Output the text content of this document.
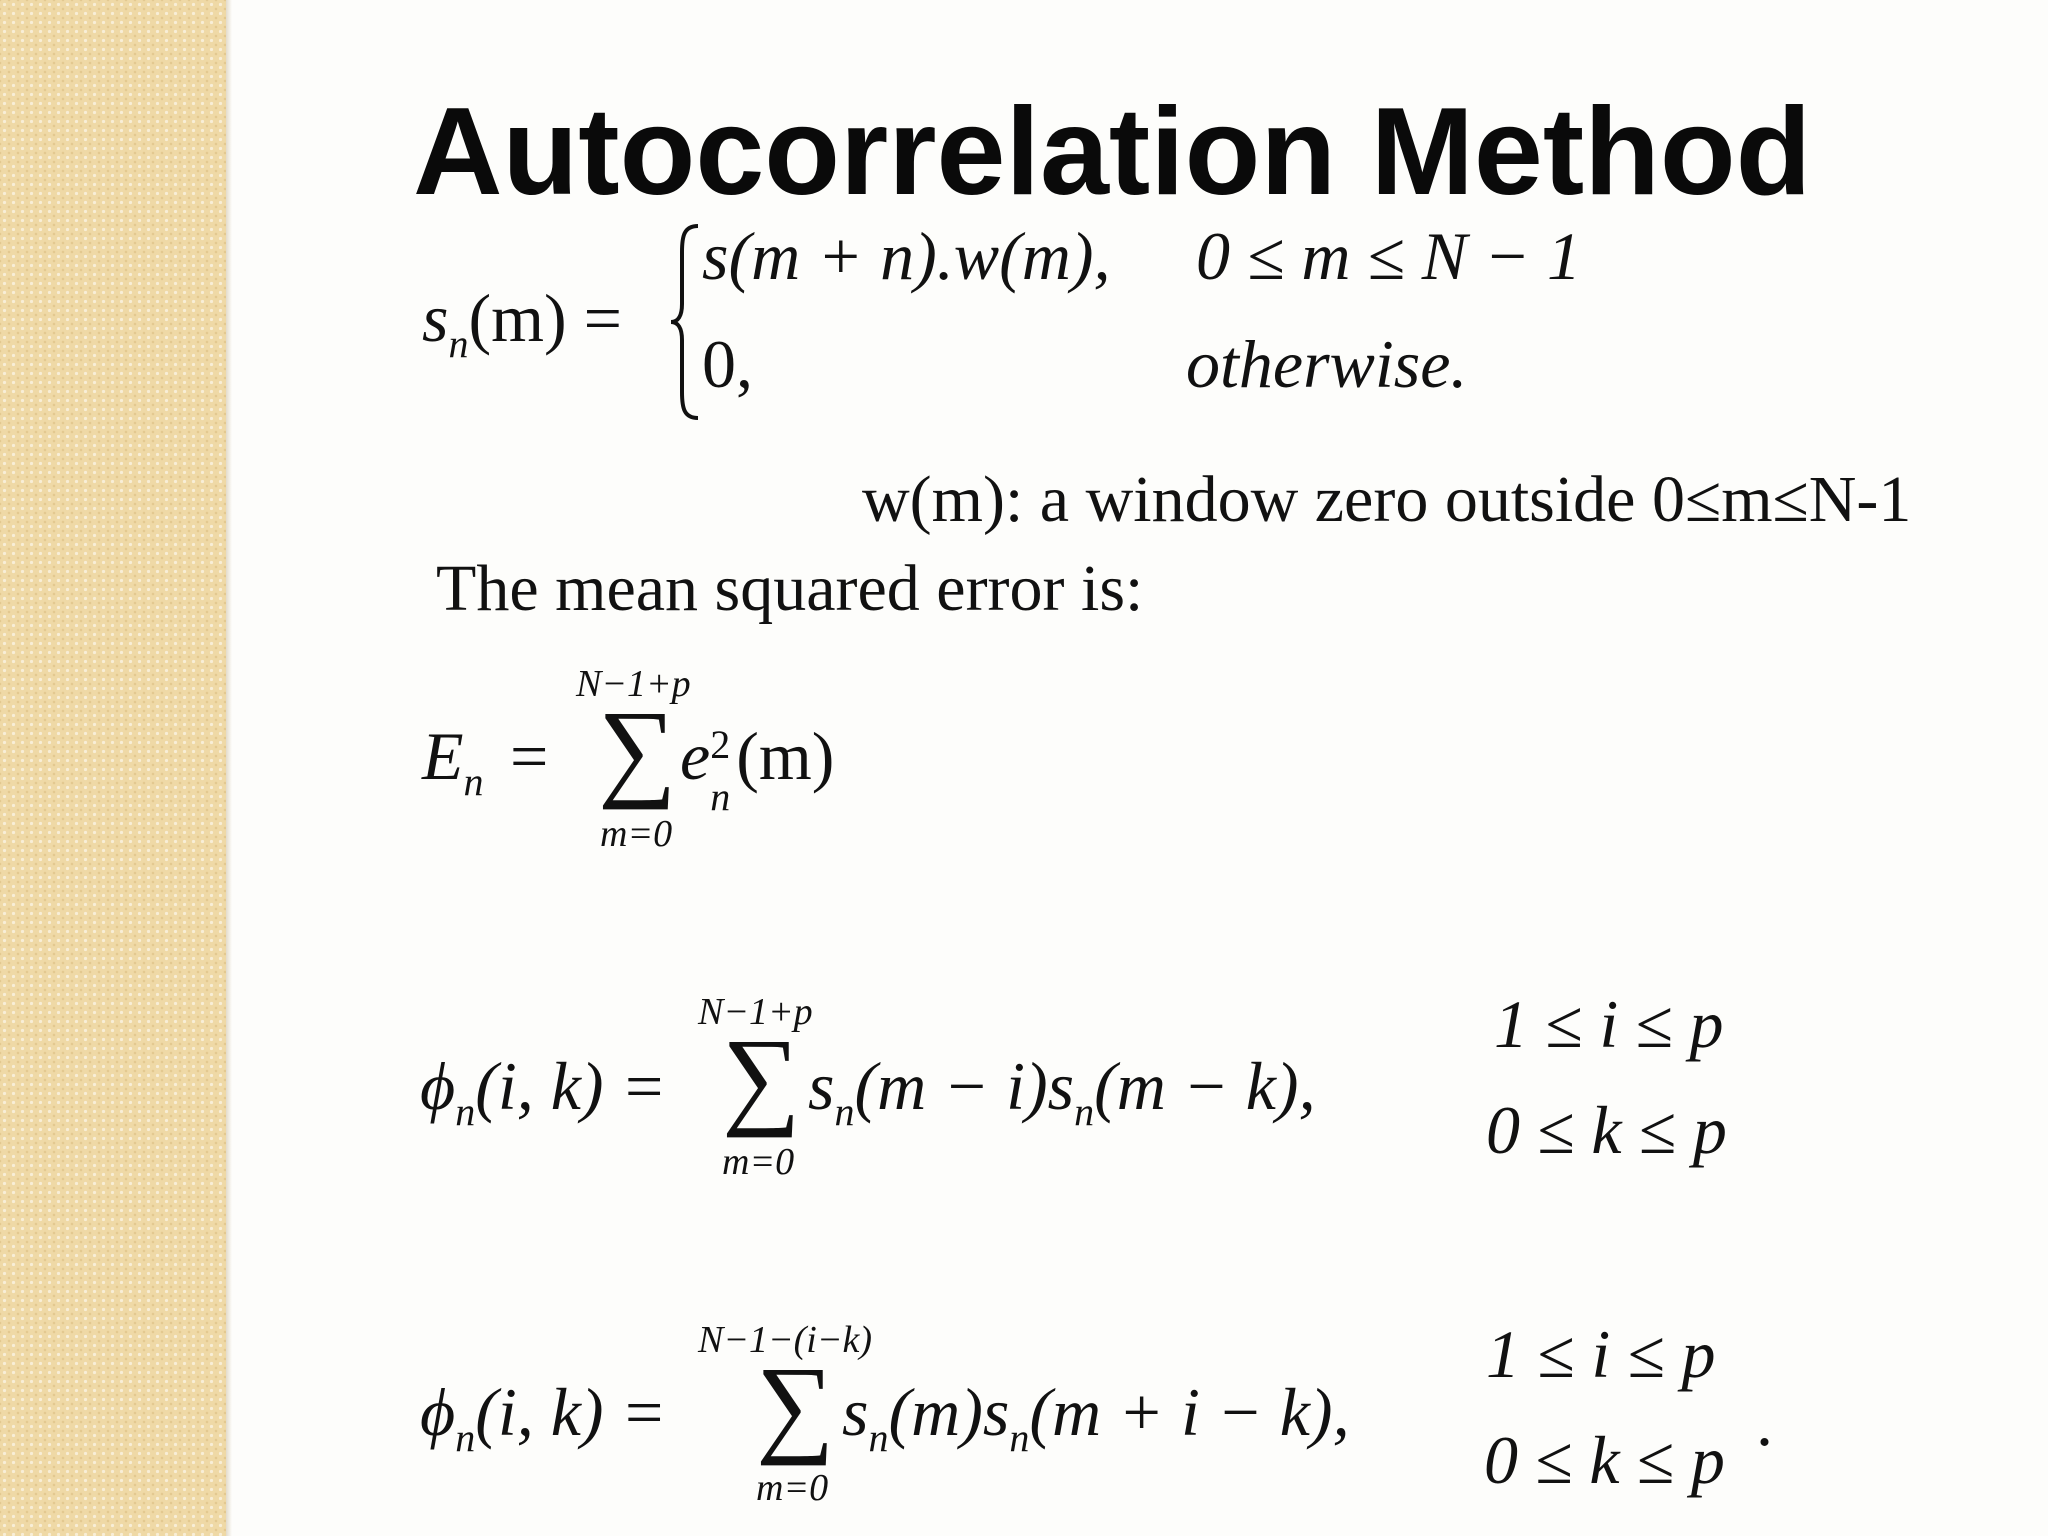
Autocorrelation Method
$s_n(m)$ =
s(m + n).w(m), 0 ≤ m ≤ N − 1
0,	otherwise.
w(m): a window zero outside 0≤m≤N-1
The mean squared error is:
$E_n$ =
N−1+p
∑
m=0
e 2
n
(m)
$\phi_n(i$, k) =
N−1+p
∑
m=0
$s_n(m - i)s_n(m - k)$,
1 ≤ i ≤ p
0 ≤ k ≤ p
$\phi_n(i$, k) =
N−1−(i−k)
∑
m=0
$s_n(m)s_n(m + i - k)$,
1 ≤ i ≤ p
0 ≤ k ≤ p .
